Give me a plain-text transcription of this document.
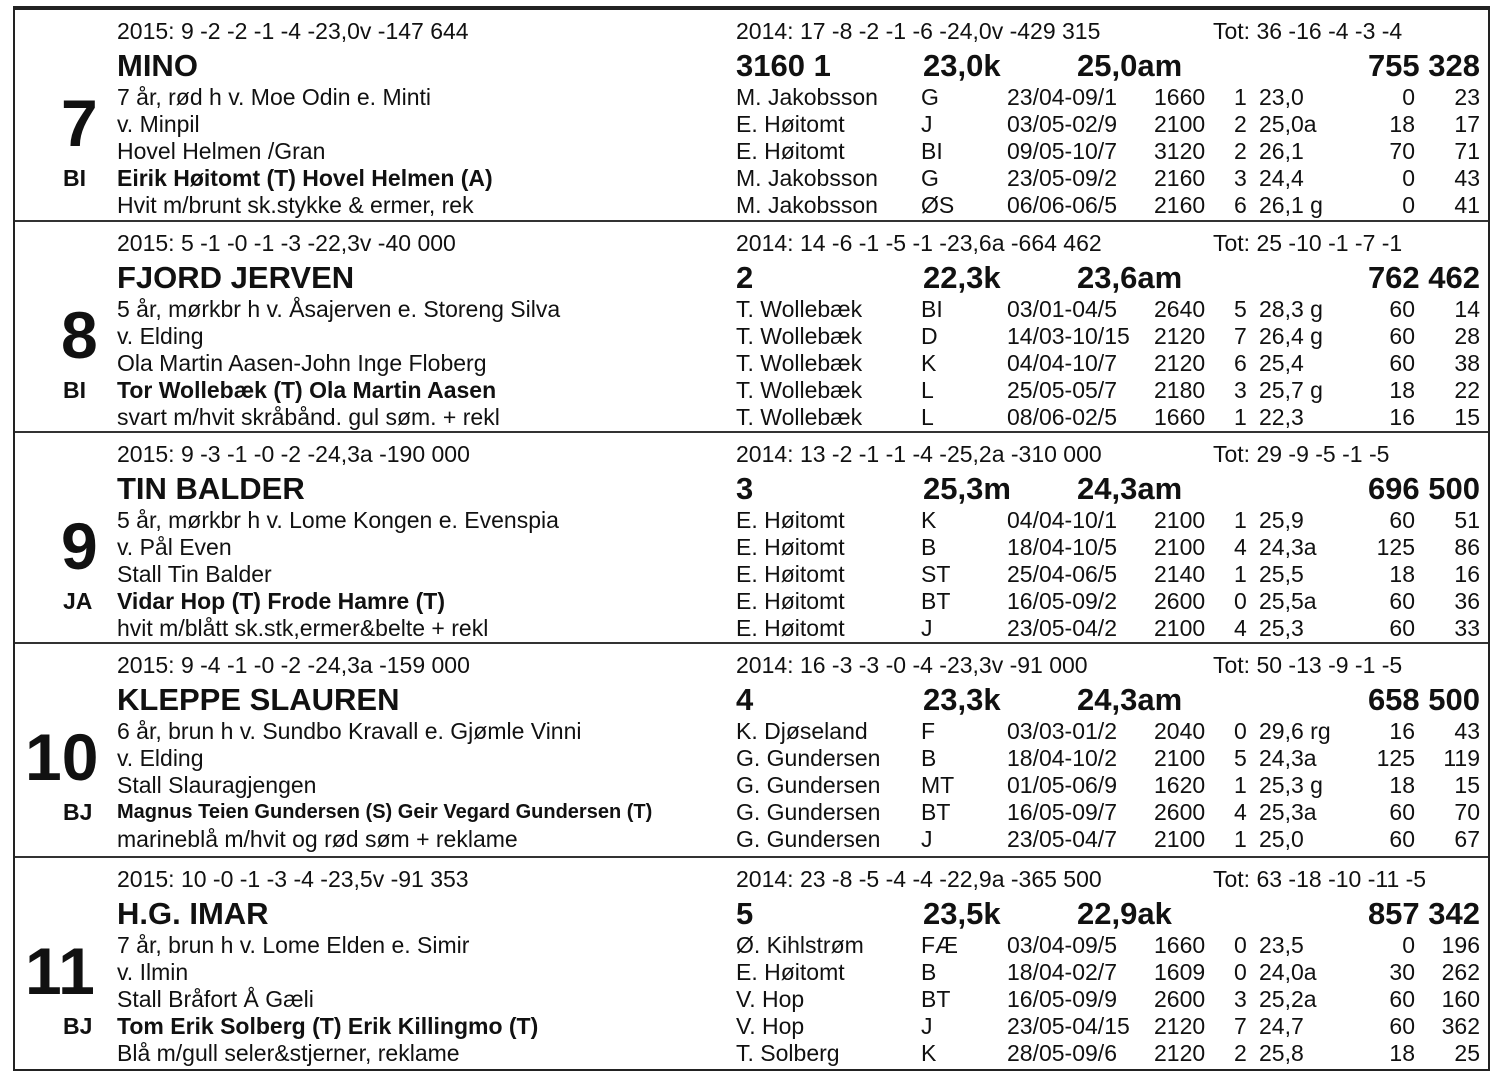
2015: 9 -2 -2 -1 -4 -23,0v -147 644	2014: 17 -8 -2 -1 -6 -24,0v -429 315	Tot: 36 -16 -4 -3 -4
MINO	3160 1	23,0k 25,0am	755 328
7
BI
7 år, rød h v. Moe Odin e. Minti
v. Minpil
Hovel Helmen /Gran
Eirik Høitomt (T) Hovel Helmen (A)
Hvit m/brunt sk.stykke & ermer, rek
M. Jakobsson G	23/04-09/1 1660 1 23,0	0 23
E. Høitomt	J	03/05-02/9 2100 2 25,0a	18 17
E. Høitomt	BI	09/05-10/7 3120 2 26,1	70 71
M. Jakobsson G	23/05-09/2 2160 3 24,4	0 43
M. Jakobsson ØS 06/06-06/5 2160 6 26,1 g	0 41
2015: 5 -1 -0 -1 -3 -22,3v -40 000	2014: 14 -6 -1 -5 -1 -23,6a -664 462	Tot: 25 -10 -1 -7 -1
FJORD JERVEN	2	22,3k 23,6am	762 462
8
BI
5 år, mørkbr h v. Åsajerven e. Storeng Silva
v. Elding
Ola Martin Aasen-John Inge Floberg
Tor Wollebæk (T) Ola Martin Aasen
svart m/hvit skråbånd. gul søm. + rekl
T. Wollebæk	BI	03/01-04/5 2640 5 28,3 g	60 14
T. Wollebæk	D	14/03-10/15 2120 7 26,4 g	60 28
T. Wollebæk	K	04/04-10/7 2120 6 25,4	60 38
T. Wollebæk	L	25/05-05/7 2180 3 25,7 g	18 22
T. Wollebæk	L	08/06-02/5 1660 1 22,3	16 15
2015: 9 -3 -1 -0 -2 -24,3a -190 000	2014: 13 -2 -1 -1 -4 -25,2a -310 000	Tot: 29 -9 -5 -1 -5
TIN BALDER	3	25,3m 24,3am	696 500
9
JA
5 år, mørkbr h v. Lome Kongen e. Evenspia
v. Pål Even
Stall Tin Balder
Vidar Hop (T) Frode Hamre (T)
hvit m/blått sk.stk,ermer&belte + rekl
E. Høitomt	K	04/04-10/1 2100 1 25,9	60 51
E. Høitomt	B	18/04-10/5 2100 4 24,3a	125 86
E. Høitomt	ST 25/04-06/5 2140 1 25,5	18 16
E. Høitomt	BT 16/05-09/2 2600 0 25,5a	60 36
E. Høitomt	J	23/05-04/2 2100 4 25,3	60 33
2015: 9 -4 -1 -0 -2 -24,3a -159 000	2014: 16 -3 -3 -0 -4 -23,3v -91 000	Tot: 50 -13 -9 -1 -5
KLEPPE SLAUREN	4	23,3k 24,3am	658 500
10
BJ
6 år, brun h v. Sundbo Kravall e. Gjømle Vinni
v. Elding
Stall Slauragjengen
Magnus Teien Gundersen (S) Geir Vegard Gundersen (T)
marineblå m/hvit og rød søm + reklame
K. Djøseland F	03/03-01/2 2040 0 29,6 rg	16 43
G. Gundersen B	18/04-10/2 2100 5 24,3a	125 119
G. Gundersen MT 01/05-06/9 1620 1 25,3 g	18 15
G. Gundersen BT 16/05-09/7 2600 4 25,3a	60 70
G. Gundersen J	23/05-04/7 2100 1 25,0	60 67
2015: 10 -0 -1 -3 -4 -23,5v -91 353	2014: 23 -8 -5 -4 -4 -22,9a -365 500	Tot: 63 -18 -10 -11 -5
H.G. IMAR	5	23,5k 22,9ak	857 342
11
BJ
7 år, brun h v. Lome Elden e. Simir
v. Ilmin
Stall Bråfort Å Gæli
Tom Erik Solberg (T) Erik Killingmo (T)
Blå m/gull seler&stjerner, reklame
Ø. Kihlstrøm FÆ 03/04-09/5 1660 0 23,5	0 196
E. Høitomt	B	18/04-02/7 1609 0 24,0a	30 262
V. Hop	BT 16/05-09/9 2600 3 25,2a	60 160
V. Hop	J	23/05-04/15 2120 7 24,7	60 362
T. Solberg	K	28/05-09/6 2120 2 25,8	18 25
